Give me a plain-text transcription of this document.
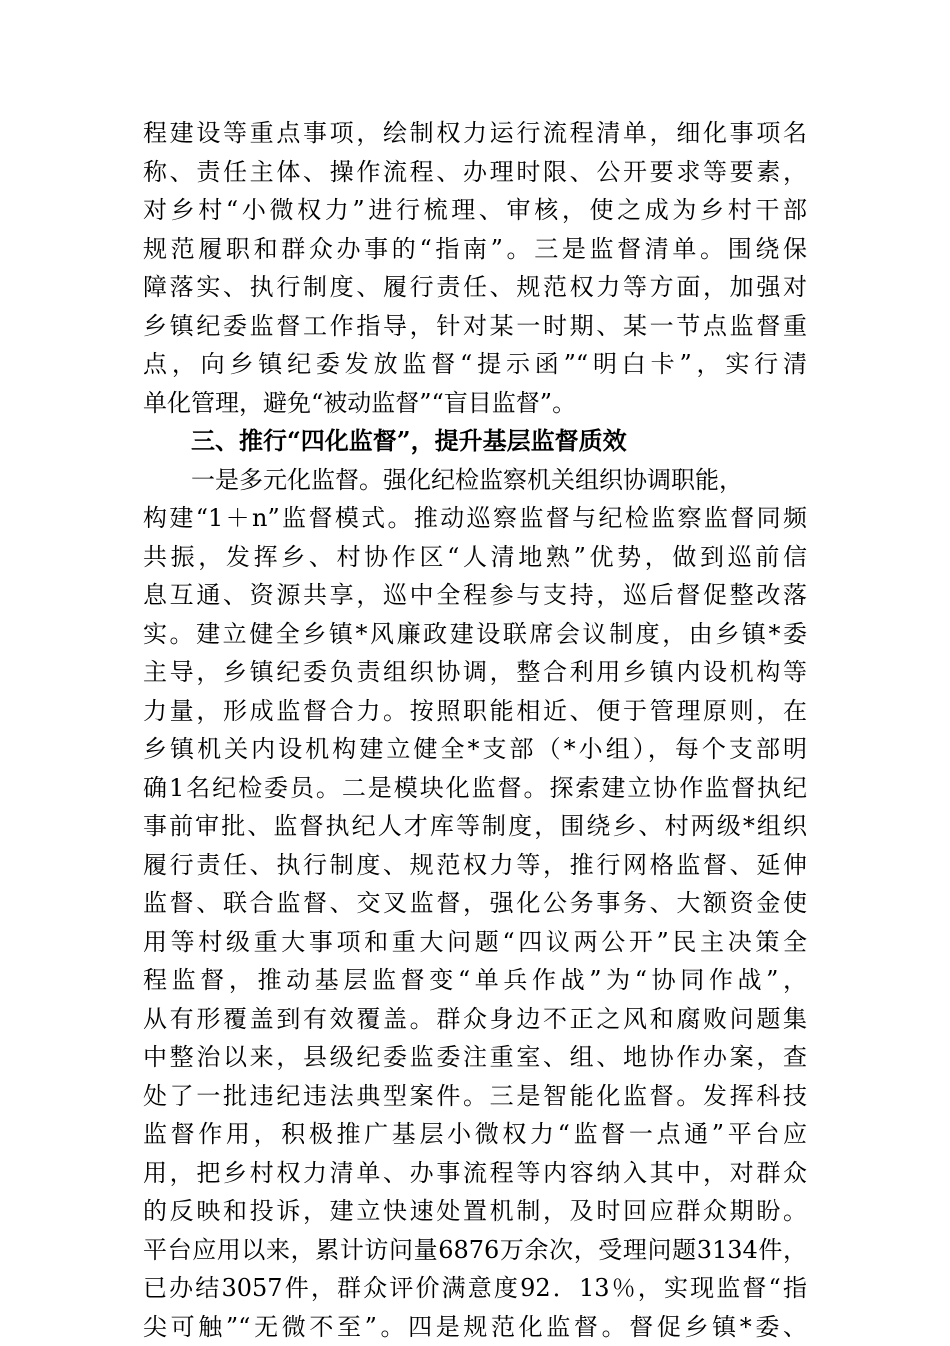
程建设等重点事项，绘制权力运行流程清单，细化事项名
称、责任主体、操作流程、办理时限、公开要求等要素，
对乡村“小微权力”进行梳理、审核，使之成为乡村干部
规范履职和群众办事的“指南”。三是监督清单。围绕保
障落实、执行制度、履行责任、规范权力等方面，加强对
乡镇纪委监督工作指导，针对某一时期、某一节点监督重
点，向乡镇纪委发放监督“提示函”“明白卡”，实行清
单化管理，避免“被动监督”“盲目监督”。
三、推行“四化监督”，提升基层监督质效
　　一是多元化监督。强化纪检监察机关组织协调职能，
构建“1＋n”监督模式。推动巡察监督与纪检监察监督同频
共振，发挥乡、村协作区“人清地熟”优势，做到巡前信
息互通、资源共享，巡中全程参与支持，巡后督促整改落
实。建立健全乡镇*风廉政建设联席会议制度，由乡镇*委
主导，乡镇纪委负责组织协调，整合利用乡镇内设机构等
力量，形成监督合力。按照职能相近、便于管理原则，在
乡镇机关内设机构建立健全*支部（*小组），每个支部明
确1名纪检委员。二是模块化监督。探索建立协作监督执纪
事前审批、监督执纪人才库等制度，围绕乡、村两级*组织
履行责任、执行制度、规范权力等，推行网格监督、延伸
监督、联合监督、交叉监督，强化公务事务、大额资金使
用等村级重大事项和重大问题“四议两公开”民主决策全
程监督，推动基层监督变“单兵作战”为“协同作战”，
从有形覆盖到有效覆盖。群众身边不正之风和腐败问题集
中整治以来，县级纪委监委注重室、组、地协作办案，查
处了一批违纪违法典型案件。三是智能化监督。发挥科技
监督作用，积极推广基层小微权力“监督一点通”平台应
用，把乡村权力清单、办事流程等内容纳入其中，对群众
的反映和投诉，建立快速处置机制，及时回应群众期盼。
平台应用以来，累计访问量6876万余次，受理问题3134件，
已办结3057件，群众评价满意度92．13％，实现监督“指
尖可触”“无微不至”。四是规范化监督。督促乡镇*委、
